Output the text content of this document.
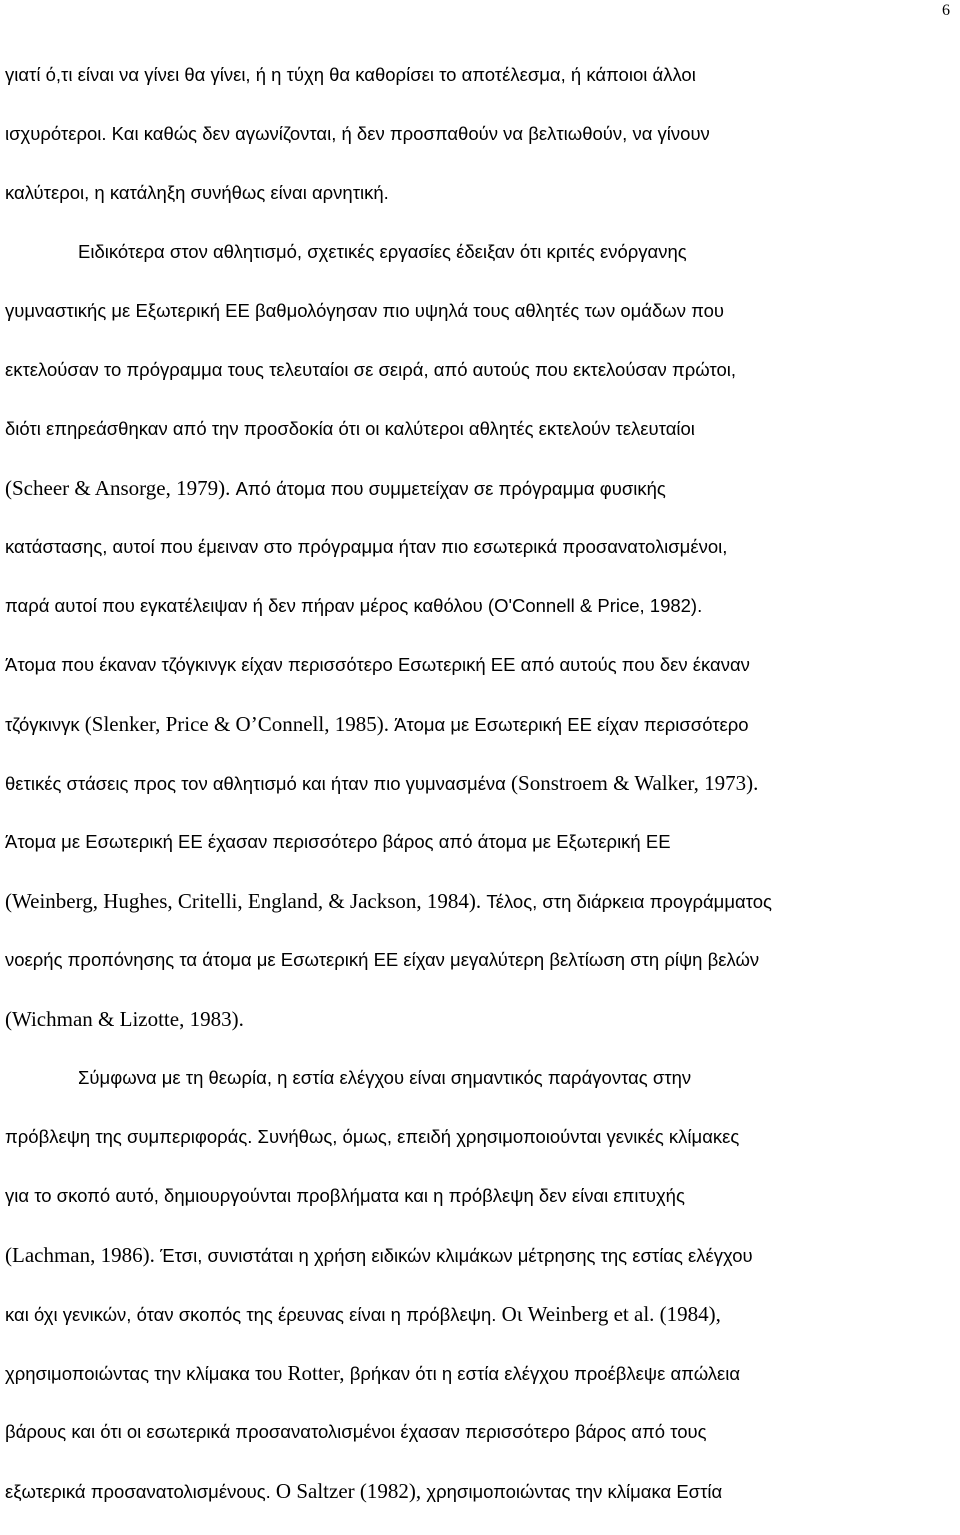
6
γιατί ό,τι είναι να γίνει θα γίνει, ή η τύχη θα καθορίσει το αποτέλεσμα, ή κάποιοι άλλοι
ισχυρότεροι. Και καθώς δεν αγωνίζονται, ή δεν προσπαθούν να βελτιωθούν, να γίνουν
καλύτεροι, η κατάληξη συνήθως είναι αρνητική.
Ειδικότερα στον αθλητισμό, σχετικές εργασίες έδειξαν ότι κριτές ενόργανης
γυμναστικής με Εξωτερική ΕΕ βαθμολόγησαν πιο υψηλά τους αθλητές των ομάδων που
εκτελούσαν το πρόγραμμα τους τελευταίοι σε σειρά, από αυτούς που εκτελούσαν πρώτοι,
διότι επηρεάσθηκαν από την προσδοκία ότι οι καλύτεροι αθλητές εκτελούν τελευταίοι
(Scheer & Ansorge, 1979). Από άτομα που συμμετείχαν σε πρόγραμμα φυσικής
κατάστασης, αυτοί που έμειναν στο πρόγραμμα ήταν πιο εσωτερικά προσανατολισμένοι,
παρά αυτοί που εγκατέλειψαν ή δεν πήραν μέρος καθόλου (O'Connell & Price, 1982).
Άτομα που έκαναν τζόγκινγκ είχαν περισσότερο Εσωτερική ΕΕ από αυτούς που δεν έκαναν
τζόγκινγκ (Slenker, Price & O’Connell, 1985). Άτομα με Εσωτερική ΕΕ είχαν περισσότερο
θετικές στάσεις προς τον αθλητισμό και ήταν πιο γυμνασμένα (Sonstroem & Walker, 1973).
Άτομα με Εσωτερική ΕΕ έχασαν περισσότερο βάρος από άτομα με Εξωτερική ΕΕ
(Weinberg, Hughes, Critelli, England, & Jackson, 1984). Τέλος, στη διάρκεια προγράμματος
νοερής προπόνησης τα άτομα με Εσωτερική ΕΕ είχαν μεγαλύτερη βελτίωση στη ρίψη βελών
(Wichman & Lizotte, 1983).
Σύμφωνα με τη θεωρία, η εστία ελέγχου είναι σημαντικός παράγοντας στην
πρόβλεψη της συμπεριφοράς. Συνήθως, όμως, επειδή χρησιμοποιούνται γενικές κλίμακες
για το σκοπό αυτό, δημιουργούνται προβλήματα και η πρόβλεψη δεν είναι επιτυχής
(Lachman, 1986). Έτσι, συνιστάται η χρήση ειδικών κλιμάκων μέτρησης της εστίας ελέγχου
και όχι γενικών, όταν σκοπός της έρευνας είναι η πρόβλεψη. Οι Weinberg et al. (1984),
χρησιμοποιώντας την κλίμακα του Rotter, βρήκαν ότι η εστία ελέγχου προέβλεψε απώλεια
βάρους και ότι οι εσωτερικά προσανατολισμένοι έχασαν περισσότερο βάρος από τους
εξωτερικά προσανατολισμένους. O Saltzer (1982), χρησιμοποιώντας την κλίμακα Εστία
